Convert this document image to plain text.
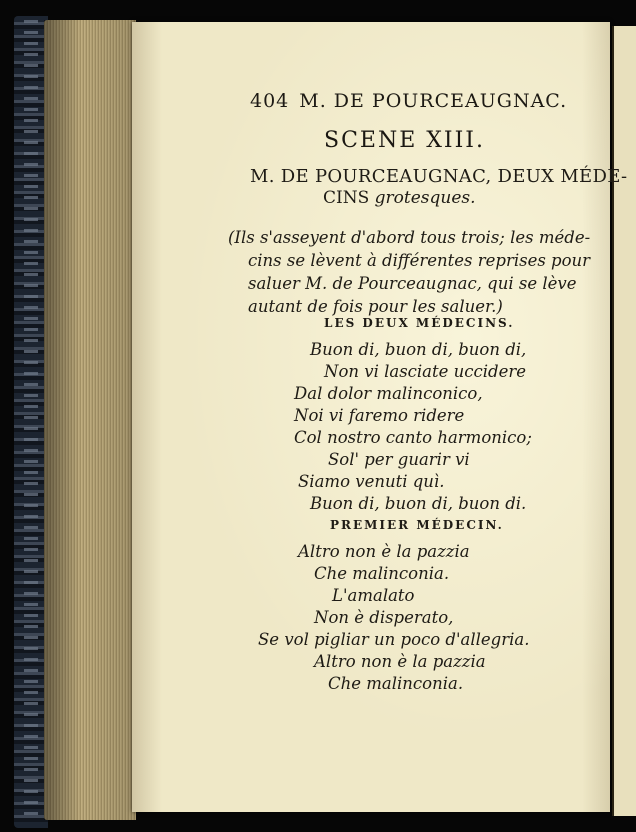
404 M. DE POURCEAUGNAC.
SCENE XIII.
M. DE POURCEAUGNAC, DEUX MÉDE-
CINS grotesques.
(Ils s'asseyent d'abord tous trois; les méde-
cins se lèvent à différentes reprises pour
saluer M. de Pourceaugnac, qui se lève
autant de fois pour les saluer.)
LES DEUX MÉDECINS.
Buon di, buon di, buon di,
Non vi lasciate uccidere
Dal dolor malinconico,
Noi vi faremo ridere
Col nostro canto harmonico;
Sol' per guarir vi
Siamo venuti quì.
Buon di, buon di, buon di.
PREMIER MÉDECIN.
Altro non è la pazzia
Che malinconia.
L'amalato
Non è disperato,
Se vol pigliar un poco d'allegria.
Altro non è la pazzia
Che malinconia.
